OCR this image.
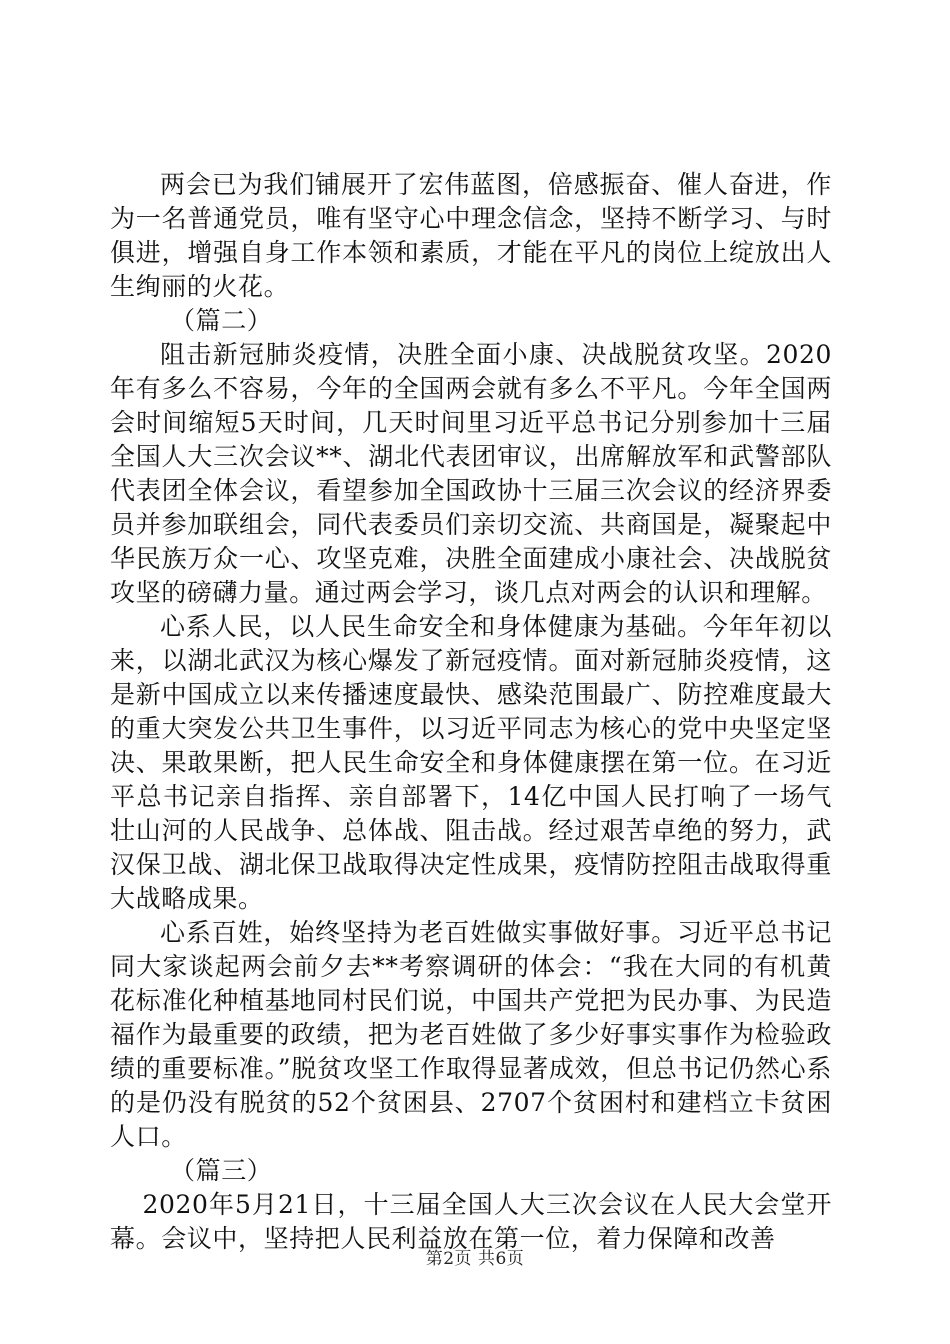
两会已为我们铺展开了宏伟蓝图，倍感振奋、催人奋进，作为一名普通党员，唯有坚守心中理念信念，坚持不断学习、与时俱进，增强自身工作本领和素质，才能在平凡的岗位上绽放出人生绚丽的火花。

（篇二）

阻击新冠肺炎疫情，决胜全面小康、决战脱贫攻坚。2020年有多么不容易，今年的全国两会就有多么不平凡。今年全国两会时间缩短5天时间，几天时间里习近平总书记分别参加十三届全国人大三次会议**、湖北代表团审议，出席解放军和武警部队代表团全体会议，看望参加全国政协十三届三次会议的经济界委员并参加联组会，同代表委员们亲切交流、共商国是，凝聚起中华民族万众一心、攻坚克难，决胜全面建成小康社会、决战脱贫攻坚的磅礴力量。通过两会学习，谈几点对两会的认识和理解。

心系人民，以人民生命安全和身体健康为基础。今年年初以来，以湖北武汉为核心爆发了新冠疫情。面对新冠肺炎疫情，这是新中国成立以来传播速度最快、感染范围最广、防控难度最大的重大突发公共卫生事件，以习近平同志为核心的党中央坚定坚决、果敢果断，把人民生命安全和身体健康摆在第一位。在习近平总书记亲自指挥、亲自部署下，14亿中国人民打响了一场气壮山河的人民战争、总体战、阻击战。经过艰苦卓绝的努力，武汉保卫战、湖北保卫战取得决定性成果，疫情防控阻击战取得重大战略成果。

心系百姓，始终坚持为老百姓做实事做好事。习近平总书记同大家谈起两会前夕去**考察调研的体会：“我在大同的有机黄花标准化种植基地同村民们说，中国共产党把为民办事、为民造福作为最重要的政绩，把为老百姓做了多少好事实事作为检验政绩的重要标准。”脱贫攻坚工作取得显著成效，但总书记仍然心系的是仍没有脱贫的52个贫困县、2707个贫困村和建档立卡贫困人口。

（篇三）

2020年5月21日，十三届全国人大三次会议在人民大会堂开幕。会议中，坚持把人民利益放在第一位，着力保障和改善

第2页 共6页
